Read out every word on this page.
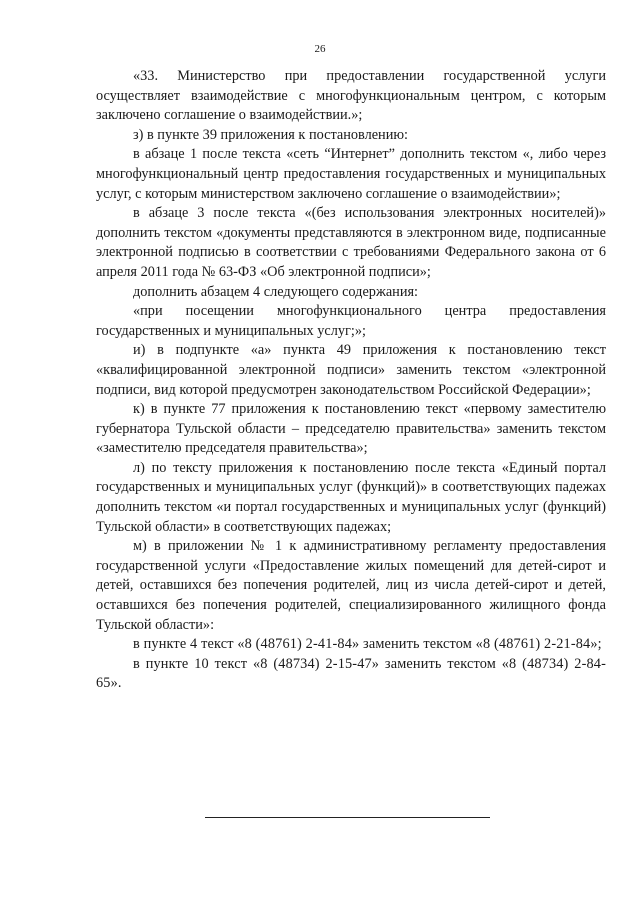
26

«33. Министерство при предоставлении государственной услуги осуществляет взаимодействие с многофункциональным центром, с которым заключено соглашение о взаимодействии.»;

з) в пункте 39 приложения к постановлению:

в абзаце 1 после текста «сеть “Интернет” дополнить текстом «, либо через многофункциональный центр предоставления государственных и муниципальных услуг, с которым министерством заключено соглашение о взаимодействии»;

в абзаце 3 после текста «(без использования электронных носителей)» дополнить текстом «документы представляются в электронном виде, подписанные электронной подписью в соответствии с требованиями Федерального закона от 6 апреля 2011 года № 63-ФЗ «Об электронной подписи»;

дополнить абзацем 4 следующего содержания:

«при посещении многофункционального центра предоставления государственных и муниципальных услуг;»;

и) в подпункте «а» пункта 49 приложения к постановлению текст «квалифицированной электронной подписи» заменить текстом «электронной подписи, вид которой предусмотрен законодательством Российской Федерации»;

к) в пункте 77 приложения к постановлению текст «первому заместителю губернатора Тульской области – председателю правительства» заменить текстом «заместителю председателя правительства»;

л) по тексту приложения к постановлению после текста «Единый портал государственных и муниципальных услуг (функций)» в соответствующих падежах дополнить текстом «и портал государственных и муниципальных услуг (функций) Тульской области» в соответствующих падежах;

м) в приложении № 1 к административному регламенту предоставления государственной услуги «Предоставление жилых помещений для детей-сирот и детей, оставшихся без попечения родителей, лиц из числа детей-сирот и детей, оставшихся без попечения родителей, специализированного жилищного фонда Тульской области»:

в пункте 4 текст «8 (48761) 2-41-84» заменить текстом «8 (48761) 2-21-84»;

в пункте 10 текст «8 (48734) 2-15-47» заменить текстом «8 (48734) 2-84-65».
